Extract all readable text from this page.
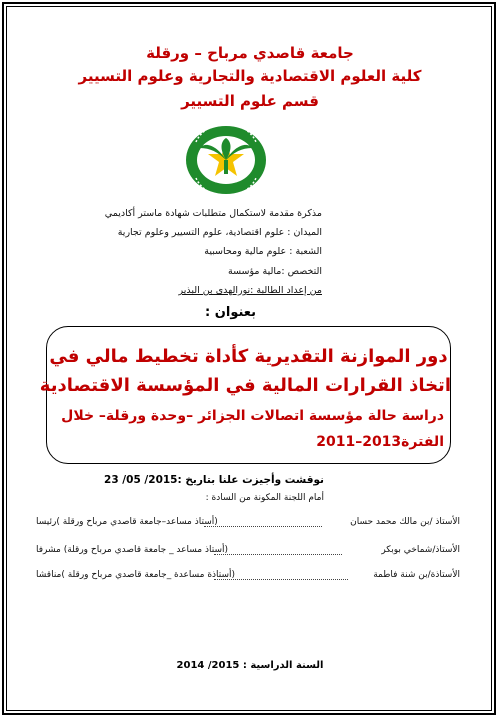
جامعة قاصدي مرباح – ورقلة
كلية العلوم الاقتصادية والتجارية وعلوم التسيير
قسم علوم التسيير
مذكرة مقدمة لاستكمال متطلبات شهادة ماستر أكاديمي
الميدان : علوم اقتصادية، علوم التسيير وعلوم تجارية
الشعبة : علوم مالية ومحاسبية
التخصص :مالية مؤسسة
من إعداد الطالبة :نورالهدى بن البذير
بعنوان :
دور الموازنة التقديرية كأداة تخطيط مالي في
اتخاذ القرارات المالية في المؤسسة الاقتصادية
دراسة حالة مؤسسة اتصالات الجزائر –وحدة ورقلة– خلال
الفترة2013–2011
نوقشت وأجيزت علنا بتاريخ :2015/ 05/ 23
أمام اللجنة المكونة من السادة :
الأستاذ /بن مالك محمد حسان
(أستاذ مساعد–جامعة قاصدي مرباح ورقلة )رئيسا
الأستاذ/شماخي بوبكر
(أستاذ مساعد _ جامعة قاصدي مرباح ورقلة) مشرفا
الأستاذة/بن شنة فاطمة
(أستاذة مساعدة _جامعة قاصدي مرباح ورقلة )مناقشا
السنة الدراسية : 2015/ 2014
